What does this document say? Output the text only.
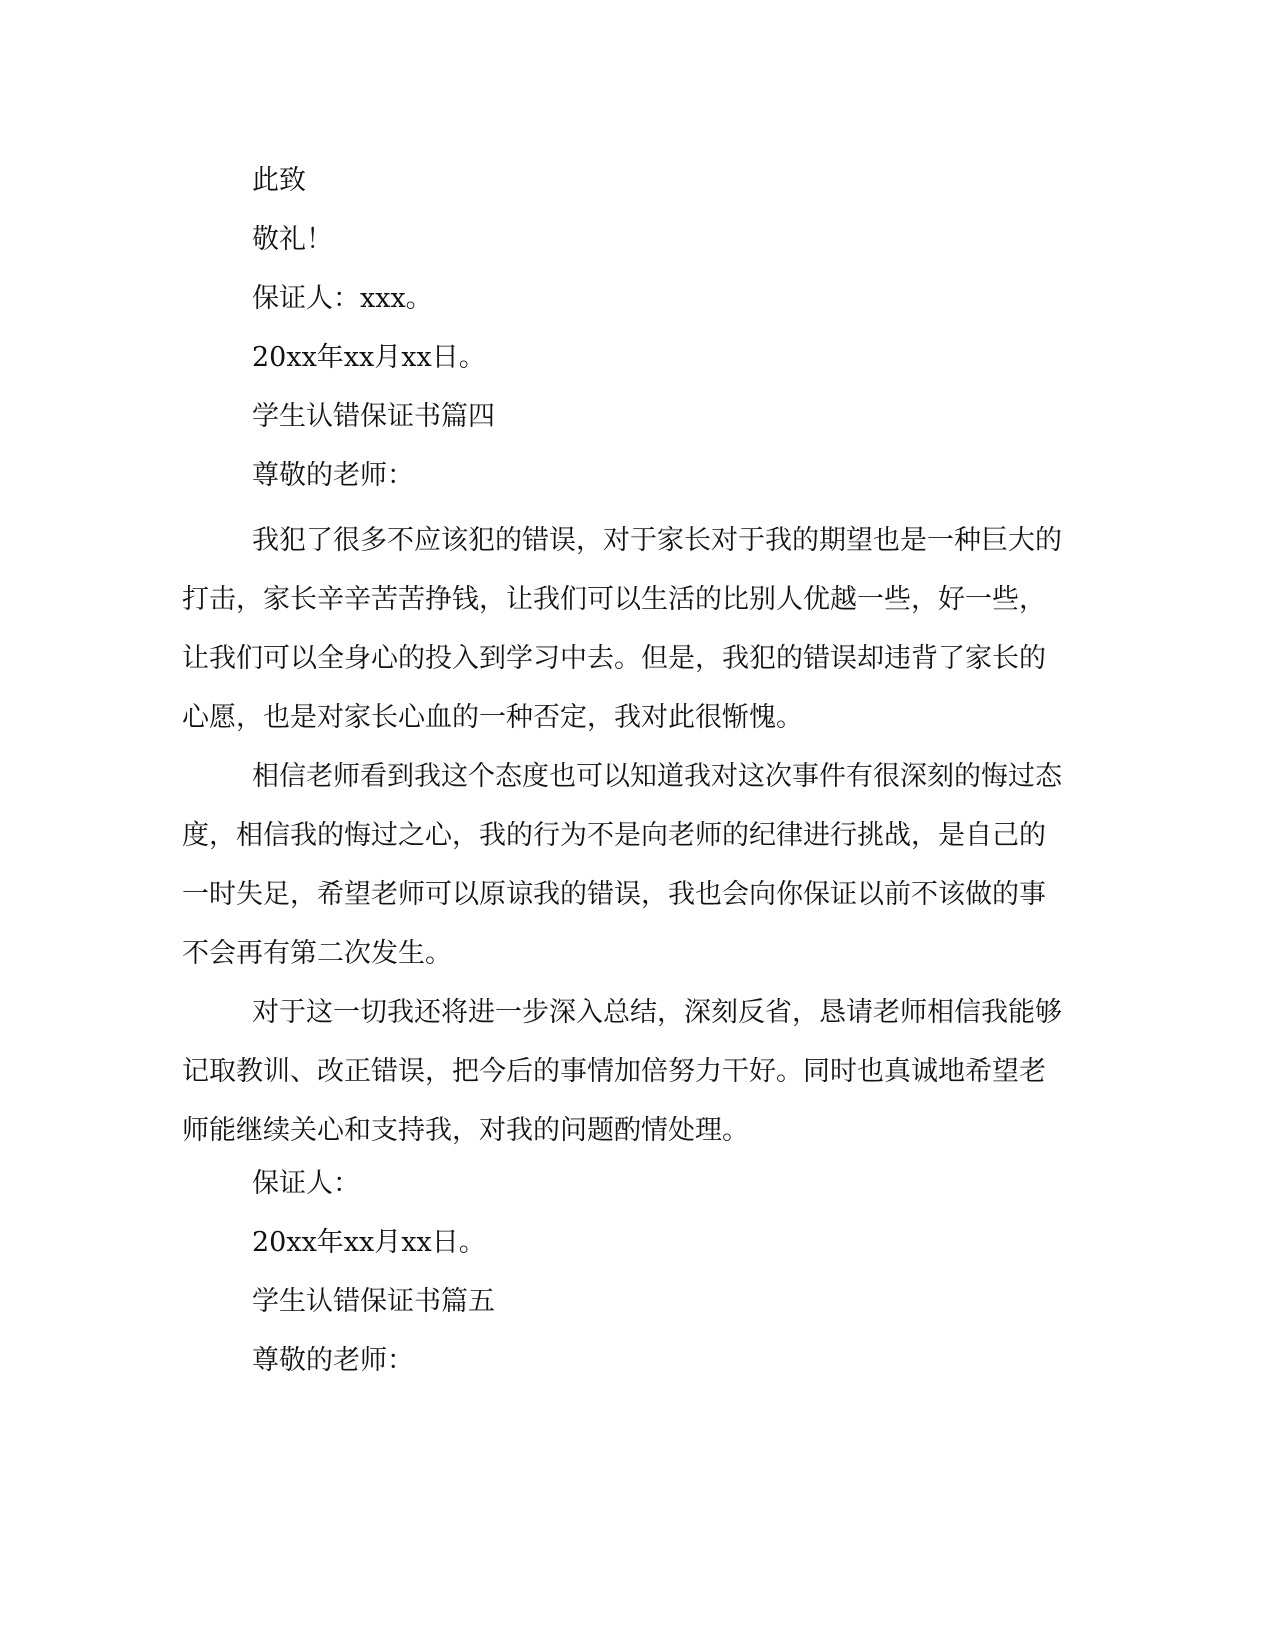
此致

敬礼！

保证人：xxx。

20xx年xx月xx日。

学生认错保证书篇四

尊敬的老师：

我犯了很多不应该犯的错误，对于家长对于我的期望也是一种巨大的打击，家长辛辛苦苦挣钱，让我们可以生活的比别人优越一些，好一些，让我们可以全身心的投入到学习中去。但是，我犯的错误却违背了家长的心愿，也是对家长心血的一种否定，我对此很惭愧。

相信老师看到我这个态度也可以知道我对这次事件有很深刻的悔过态度，相信我的悔过之心，我的行为不是向老师的纪律进行挑战，是自己的一时失足，希望老师可以原谅我的错误，我也会向你保证以前不该做的事不会再有第二次发生。

对于这一切我还将进一步深入总结，深刻反省，恳请老师相信我能够记取教训、改正错误，把今后的事情加倍努力干好。同时也真诚地希望老师能继续关心和支持我，对我的问题酌情处理。

保证人：

20xx年xx月xx日。

学生认错保证书篇五

尊敬的老师：
